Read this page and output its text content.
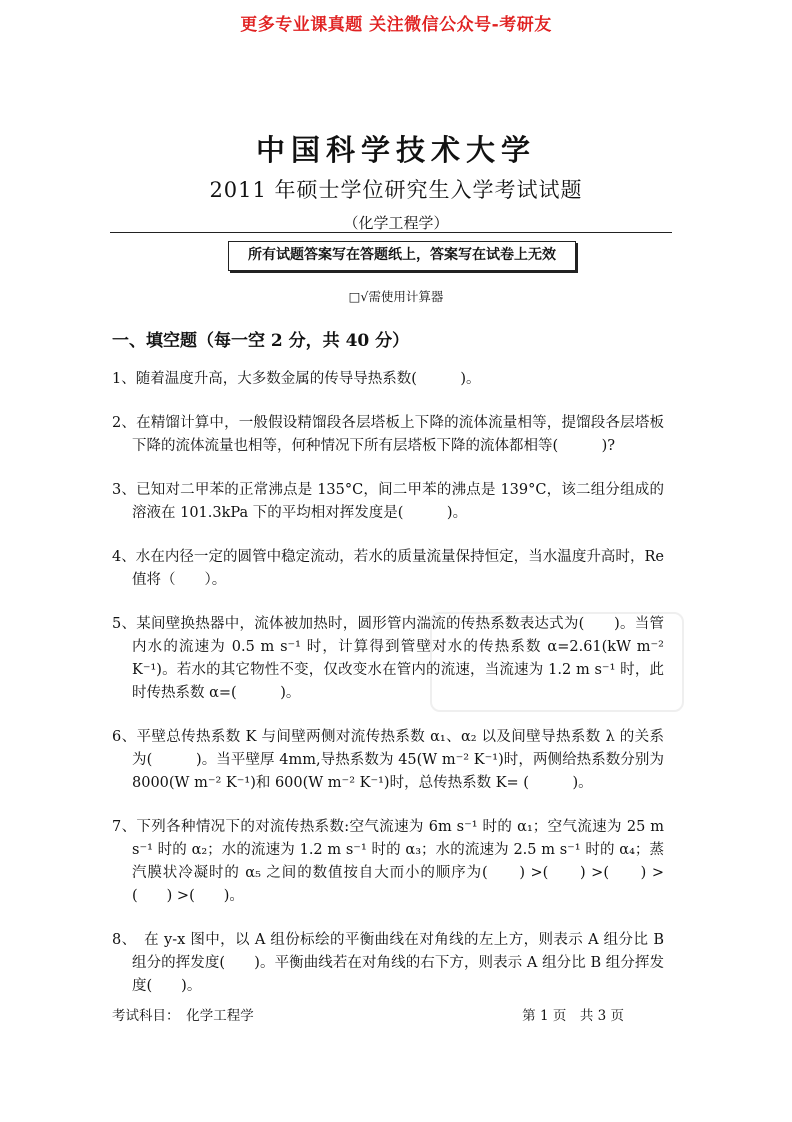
更多专业课真题 关注微信公众号-考研友
中国科学技术大学
2011 年硕士学位研究生入学考试试题
（化学工程学）
所有试题答案写在答题纸上，答案写在试卷上无效
□√需使用计算器
一、填空题（每一空 2 分，共 40 分）

1、随着温度升高，大多数金属的传导导热系数(　　　)。

2、在精馏计算中，一般假设精馏段各层塔板上下降的流体流量相等，提馏段各层塔板下降的流体流量也相等，何种情况下所有层塔板下降的流体都相等(　　　)?

3、已知对二甲苯的正常沸点是 135°C，间二甲苯的沸点是 139°C，该二组分组成的 溶液在 101.3kPa 下的平均相对挥发度是(　　　)。

4、水在内径一定的圆管中稳定流动，若水的质量流量保持恒定，当水温度升高时，Re 值将（　　）。

5、某间壁换热器中，流体被加热时，圆形管内湍流的传热系数表达式为(　　)。当管内水的流速为 0.5 m s⁻¹ 时，计算得到管壁对水的传热系数 α=2.61(kW m⁻² K⁻¹)。若水的其它物性不变，仅改变水在管内的流速，当流速为 1.2 m s⁻¹ 时，此时传热系数 α=(　　　)。

6、平壁总传热系数 K 与间壁两侧对流传热系数 α₁、α₂ 以及间壁导热系数 λ 的关系为(　　　)。当平壁厚 4mm,导热系数为 45(W m⁻² K⁻¹)时，两侧给热系数分别为 8000(W m⁻² K⁻¹)和 600(W m⁻² K⁻¹)时，总传热系数 K= (　　　)。

7、下列各种情况下的对流传热系数:空气流速为 6m s⁻¹ 时的 α₁；空气流速为 25 m s⁻¹ 时的 α₂；水的流速为 1.2 m s⁻¹ 时的 α₃；水的流速为 2.5 m s⁻¹ 时的 α₄；蒸汽膜状冷凝时的 α₅ 之间的数值按自大而小的顺序为(　　) >(　　) >(　　) >(　　) >(　　)。

8、　在 y-x 图中，以 A 组份标绘的平衡曲线在对角线的左上方，则表示 A 组分比 B 组分的挥发度(　　)。平衡曲线若在对角线的右下方，则表示 A 组分比 B 组分挥发度(　　)。

考试科目：　化学工程学	第 1 页　共 3 页
